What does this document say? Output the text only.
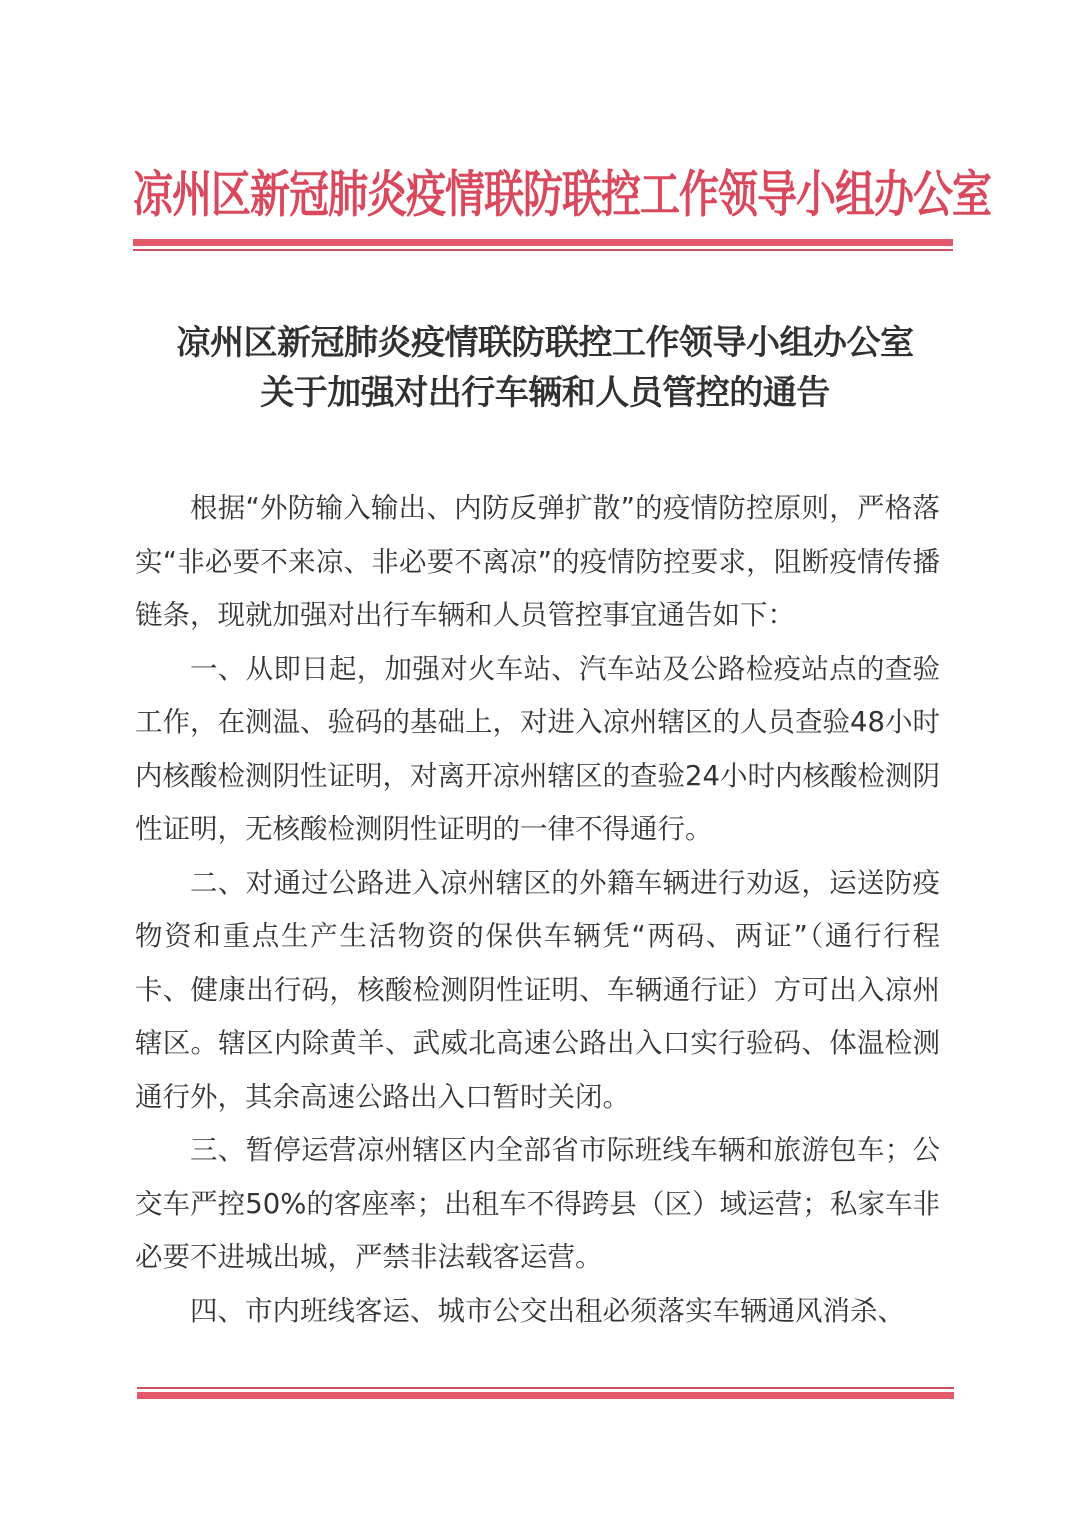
凉州区新冠肺炎疫情联防联控工作领导小组办公室
凉州区新冠肺炎疫情联防联控工作领导小组办公室
关于加强对出行车辆和人员管控的通告

根据“外防输入输出、内防反弹扩散”的疫情防控原则，严格落实“非必要不来凉、非必要不离凉”的疫情防控要求，阻断疫情传播链条，现就加强对出行车辆和人员管控事宜通告如下：

一、从即日起，加强对火车站、汽车站及公路检疫站点的查验工作，在测温、验码的基础上，对进入凉州辖区的人员查验48小时内核酸检测阴性证明，对离开凉州辖区的查验24小时内核酸检测阴性证明，无核酸检测阴性证明的一律不得通行。

二、对通过公路进入凉州辖区的外籍车辆进行劝返，运送防疫物资和重点生产生活物资的保供车辆凭“两码、两证”（通行行程卡、健康出行码，核酸检测阴性证明、车辆通行证）方可出入凉州辖区。辖区内除黄羊、武威北高速公路出入口实行验码、体温检测通行外，其余高速公路出入口暂时关闭。

三、暂停运营凉州辖区内全部省市际班线车辆和旅游包车；公交车严控50%的客座率；出租车不得跨县（区）域运营；私家车非必要不进城出城，严禁非法载客运营。

四、市内班线客运、城市公交出租必须落实车辆通风消杀、
